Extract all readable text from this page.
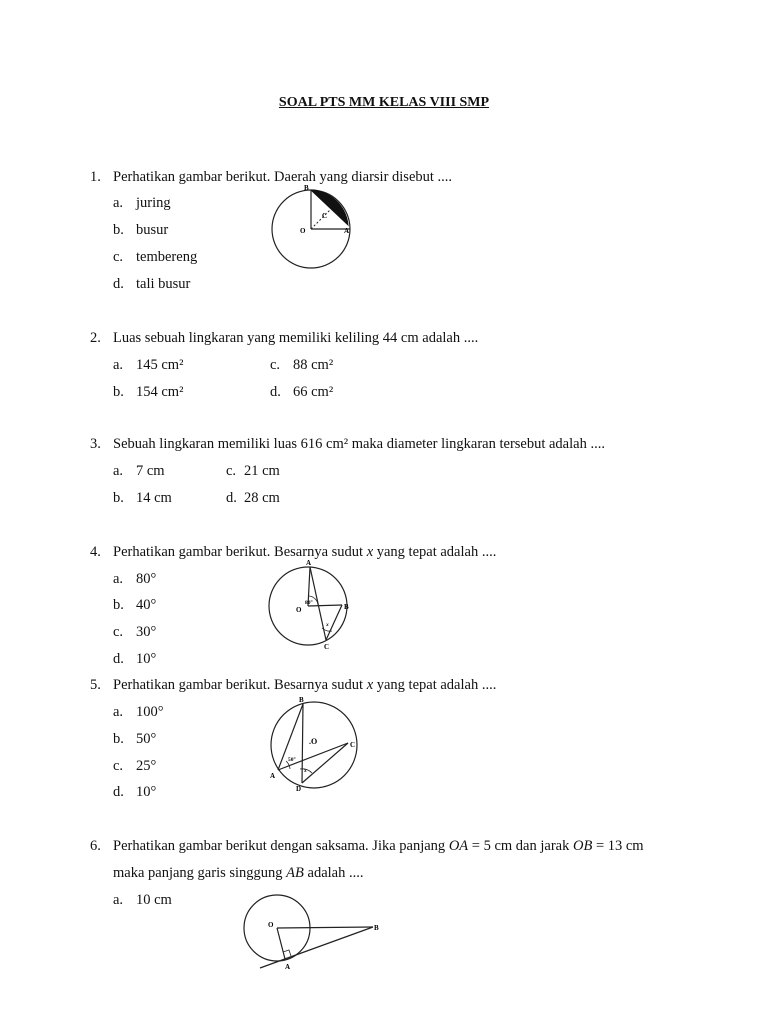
SOAL PTS MM KELAS VIII SMP
1. Perhatikan gambar berikut. Daerah yang diarsir disebut ....
a. juring
b. busur
c. tembereng
d. tali busur
B
C
O	A
2. Luas sebuah lingkaran yang memiliki keliling 44 cm adalah ....
a. 145 cm²	c. 88 cm²
b. 154 cm²	d. 66 cm²
3. Sebuah lingkaran memiliki luas 616 cm² maka diameter lingkaran tersebut adalah ....
a. 7 cm	c. 21 cm
b. 14 cm	d. 28 cm
4. Perhatikan gambar berikut. Besarnya sudut x yang tepat adalah ....
a. 80°
b. 40°
c. 30°
d. 10°
A
O	B
C
80°
x
5. Perhatikan gambar berikut. Besarnya sudut x yang tepat adalah ....
a. 100°
b. 50°
c. 25°
d. 10°
B
.O	C
A
D
50°
x
6. Perhatikan gambar berikut dengan saksama. Jika panjang OA = 5 cm dan jarak OB = 13 cm
maka panjang garis singgung AB adalah ....
a. 10 cm
O	B
A
